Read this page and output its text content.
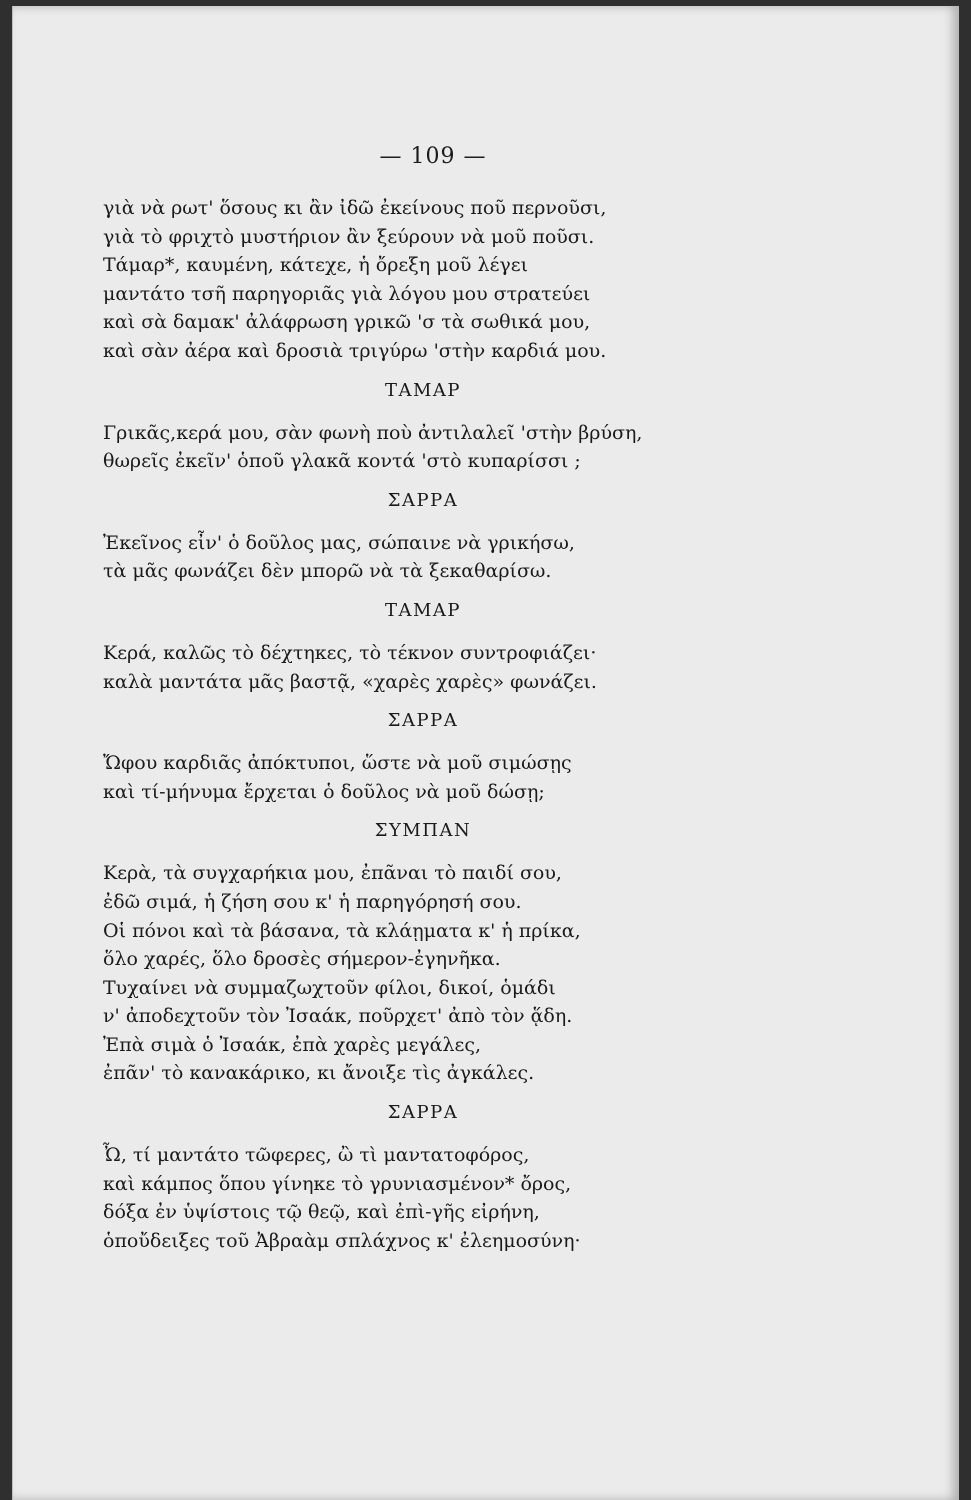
— 109 —
γιὰ νὰ ρωτ' ὅσους κι ἂν ἰδῶ ἐκείνους ποῦ περνοῦσι,
γιὰ τὸ φριχτὸ μυστήριον ἂν ξεύρουν νὰ μοῦ ποῦσι.
Τάμαρ*, καυμένη, κάτεχε, ἡ ὄρεξη μοῦ λέγει
μαντάτο τσῆ παρηγοριᾶς γιὰ λόγου μου στρατεύει
καὶ σὰ δαμακ' ἀλάφρωση γρικῶ 'σ τὰ σωθικά μου,
καὶ σὰν ἀέρα καὶ δροσιὰ τριγύρω 'στὴν καρδιά μου.
ΤΑΜΑΡ
Γρικᾶς,κερά μου, σὰν φωνὴ ποὺ ἀντιλαλεῖ 'στὴν βρύση,
θωρεῖς ἐκεῖν' ὁποῦ γλακᾶ κοντά 'στὸ κυπαρίσσι ;
ΣΑΡΡΑ
Ἐκεῖνος εἶν' ὁ δοῦλος μας, σώπαινε νὰ γρικήσω,
τὰ μᾶς φωνάζει δὲν μπορῶ νὰ τὰ ξεκαθαρίσω.
ΤΑΜΑΡ
Κερά, καλῶς τὸ δέχτηκες, τὸ τέκνον συντροφιάζει·
καλὰ μαντάτα μᾶς βαστᾷ, «χαρὲς χαρὲς» φωνάζει.
ΣΑΡΡΑ
Ὤφου καρδιᾶς ἀπόκτυποι, ὥστε νὰ μοῦ σιμώσῃς
καὶ τί-μήνυμα ἔρχεται ὁ δοῦλος νὰ μοῦ δώσῃ;
ΣΥΜΠΑΝ
Κερὰ, τὰ συγχαρήκια μου, ἐπᾶναι τὸ παιδί σου,
ἐδῶ σιμά, ἡ ζήση σου κ' ἡ παρηγόρησή σου.
Οἱ πόνοι καὶ τὰ βάσανα, τὰ κλάῃματα κ' ἡ πρίκα,
ὅλο χαρές, ὅλο δροσὲς σήμερον-ἐγηνῆκα.
Τυχαίνει νὰ συμμαζωχτοῦν φίλοι, δικοί, ὁμάδι
ν' ἀποδεχτοῦν τὸν Ἰσαάκ, ποῦρχετ' ἀπὸ τὸν ᾅδη.
Ἐπὰ σιμὰ ὁ Ἰσαάκ, ἐπὰ χαρὲς μεγάλες,
ἐπᾶν' τὸ κανακάρικο, κι ἄνοιξε τὶς ἀγκάλες.
ΣΑΡΡΑ
Ὦ, τί μαντάτο τῶφερες, ὢ τὶ μαντατοφόρος,
καὶ κάμπος ὅπου γίνηκε τὸ γρυνιασμένον* ὄρος,
δόξα ἐν ὑψίστοις τῷ θεῷ, καὶ ἐπὶ-γῆς εἰρήνη,
ὁποὔδειξες τοῦ Ἀβραὰμ σπλάχνος κ' ἐλεημοσύνη·
